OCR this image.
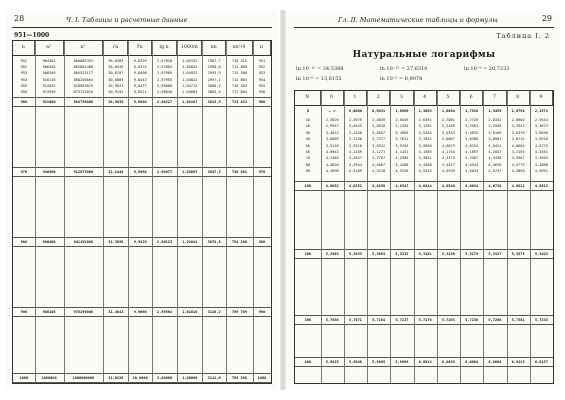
28	Ч. I. Таблицы и расчетные данные
951—1000
n	n²	n³	√n	∛n	lg n	1000/n	πn	πn²/4	n
951	904401	860085351	30,8383	9,8339	2,97818	1,05152	2987,7	710 315	951
952	906304	862801408	30,8545	9,8374	2,97864	1,05042	2990,8	711 809	952
953	908209	865523177	30,8707	9,8408	2,97909	1,04932	2993,9	713 306	953
954	910116	868250664	30,8869	9,8443	2,97955	1,04822	2997,1	714 803	954
955	912025	870983875	30,9031	9,8477	2,98000	1,04712	3000,2	716 303	955
956	913936	873722816	30,9192	9,8511	2,98046	1,04603	3003,4	717 804	956
960	921600	884736000	30,9839	9,8648	2,98227	1,04167	3015,9	723 823	960
970	940900	912673000	31,1448	9,8990	2,98677	1,03093	3047,3	738 981	970
980	960400	941192000	31,3050	9,9329	2,99123	1,02041	3078,8	754 296	980
990	980100	970299000	31,4643	9,9666	2,99564	1,01010	3110,2	769 769	990
1000	1000000	1000000000	31,6228	10,0000	3,00000	1,00000	3141,6	785 398	1000
Гл. II. Математические таблицы и формулы	29
Таблица I. 2
Натуральные логарифмы
ln 10⁻¹⁵ = 34,5388	ln 10⁻¹² = 27,6310	ln 10⁻⁹ = 20,7233
ln 10⁻⁶ = 13,8155	ln 10⁻³ = 6,9078
N	0	1	2	3	4	5	6	7	8	9
0	— ∞	0,0000	0,6931	1,0986	1,3863	1,6094	1,7918	1,9459	2,0794	2,1972
10	2,3026	2,3979	2,4849	2,5649	2,6391	2,7081	2,7726	2,8332	2,8904	2,9444
20	2,9957	3,0445	3,0910	3,1355	3,1781	3,2189	3,2581	3,2958	3,3322	3,3673
30	3,4012	3,4340	3,4657	3,4965	3,5264	3,5553	3,5835	3,6109	3,6376	3,6636
40	3,6889	3,7136	3,7377	3,7612	3,7842	3,8067	3,8286	3,8501	3,8712	3,8918
50	3,9120	3,9318	3,9512	3,9703	3,9890	4,0073	4,0254	4,0431	4,0604	4,0775
60	4,0943	4,1109	4,1271	4,1431	4,1589	4,1744	4,1897	4,2047	4,2195	4,2341
70	4,2485	4,2627	4,2767	4,2905	4,3041	4,3175	4,3307	4,3438	4,3567	4,3694
80	4,3820	4,3944	4,4067	4,4188	4,4308	4,4427	4,4543	4,4659	4,4773	4,4886
90	4,4998	4,5109	4,5218	4,5326	4,5433	4,5539	4,5643	4,5747	4,5850	4,5951
100	4,6052	4,6151	4,6250	4,6347	4,6444	4,6540	4,6634	4,6728	4,6821	4,6913
200	5,2983	5,3033	5,3083	5,3132	5,3181	5,3230	5,3279	5,3327	5,3375	5,3423
300	5,7038	5,7071	5,7104	5,7137	5,7170	5,7203	5,7236	5,7268	5,7301	5,7333
400	5,9915	5,9940	5,9965	5,9989	6,0014	6,0039	6,0064	6,0088	6,0113	6,0137
